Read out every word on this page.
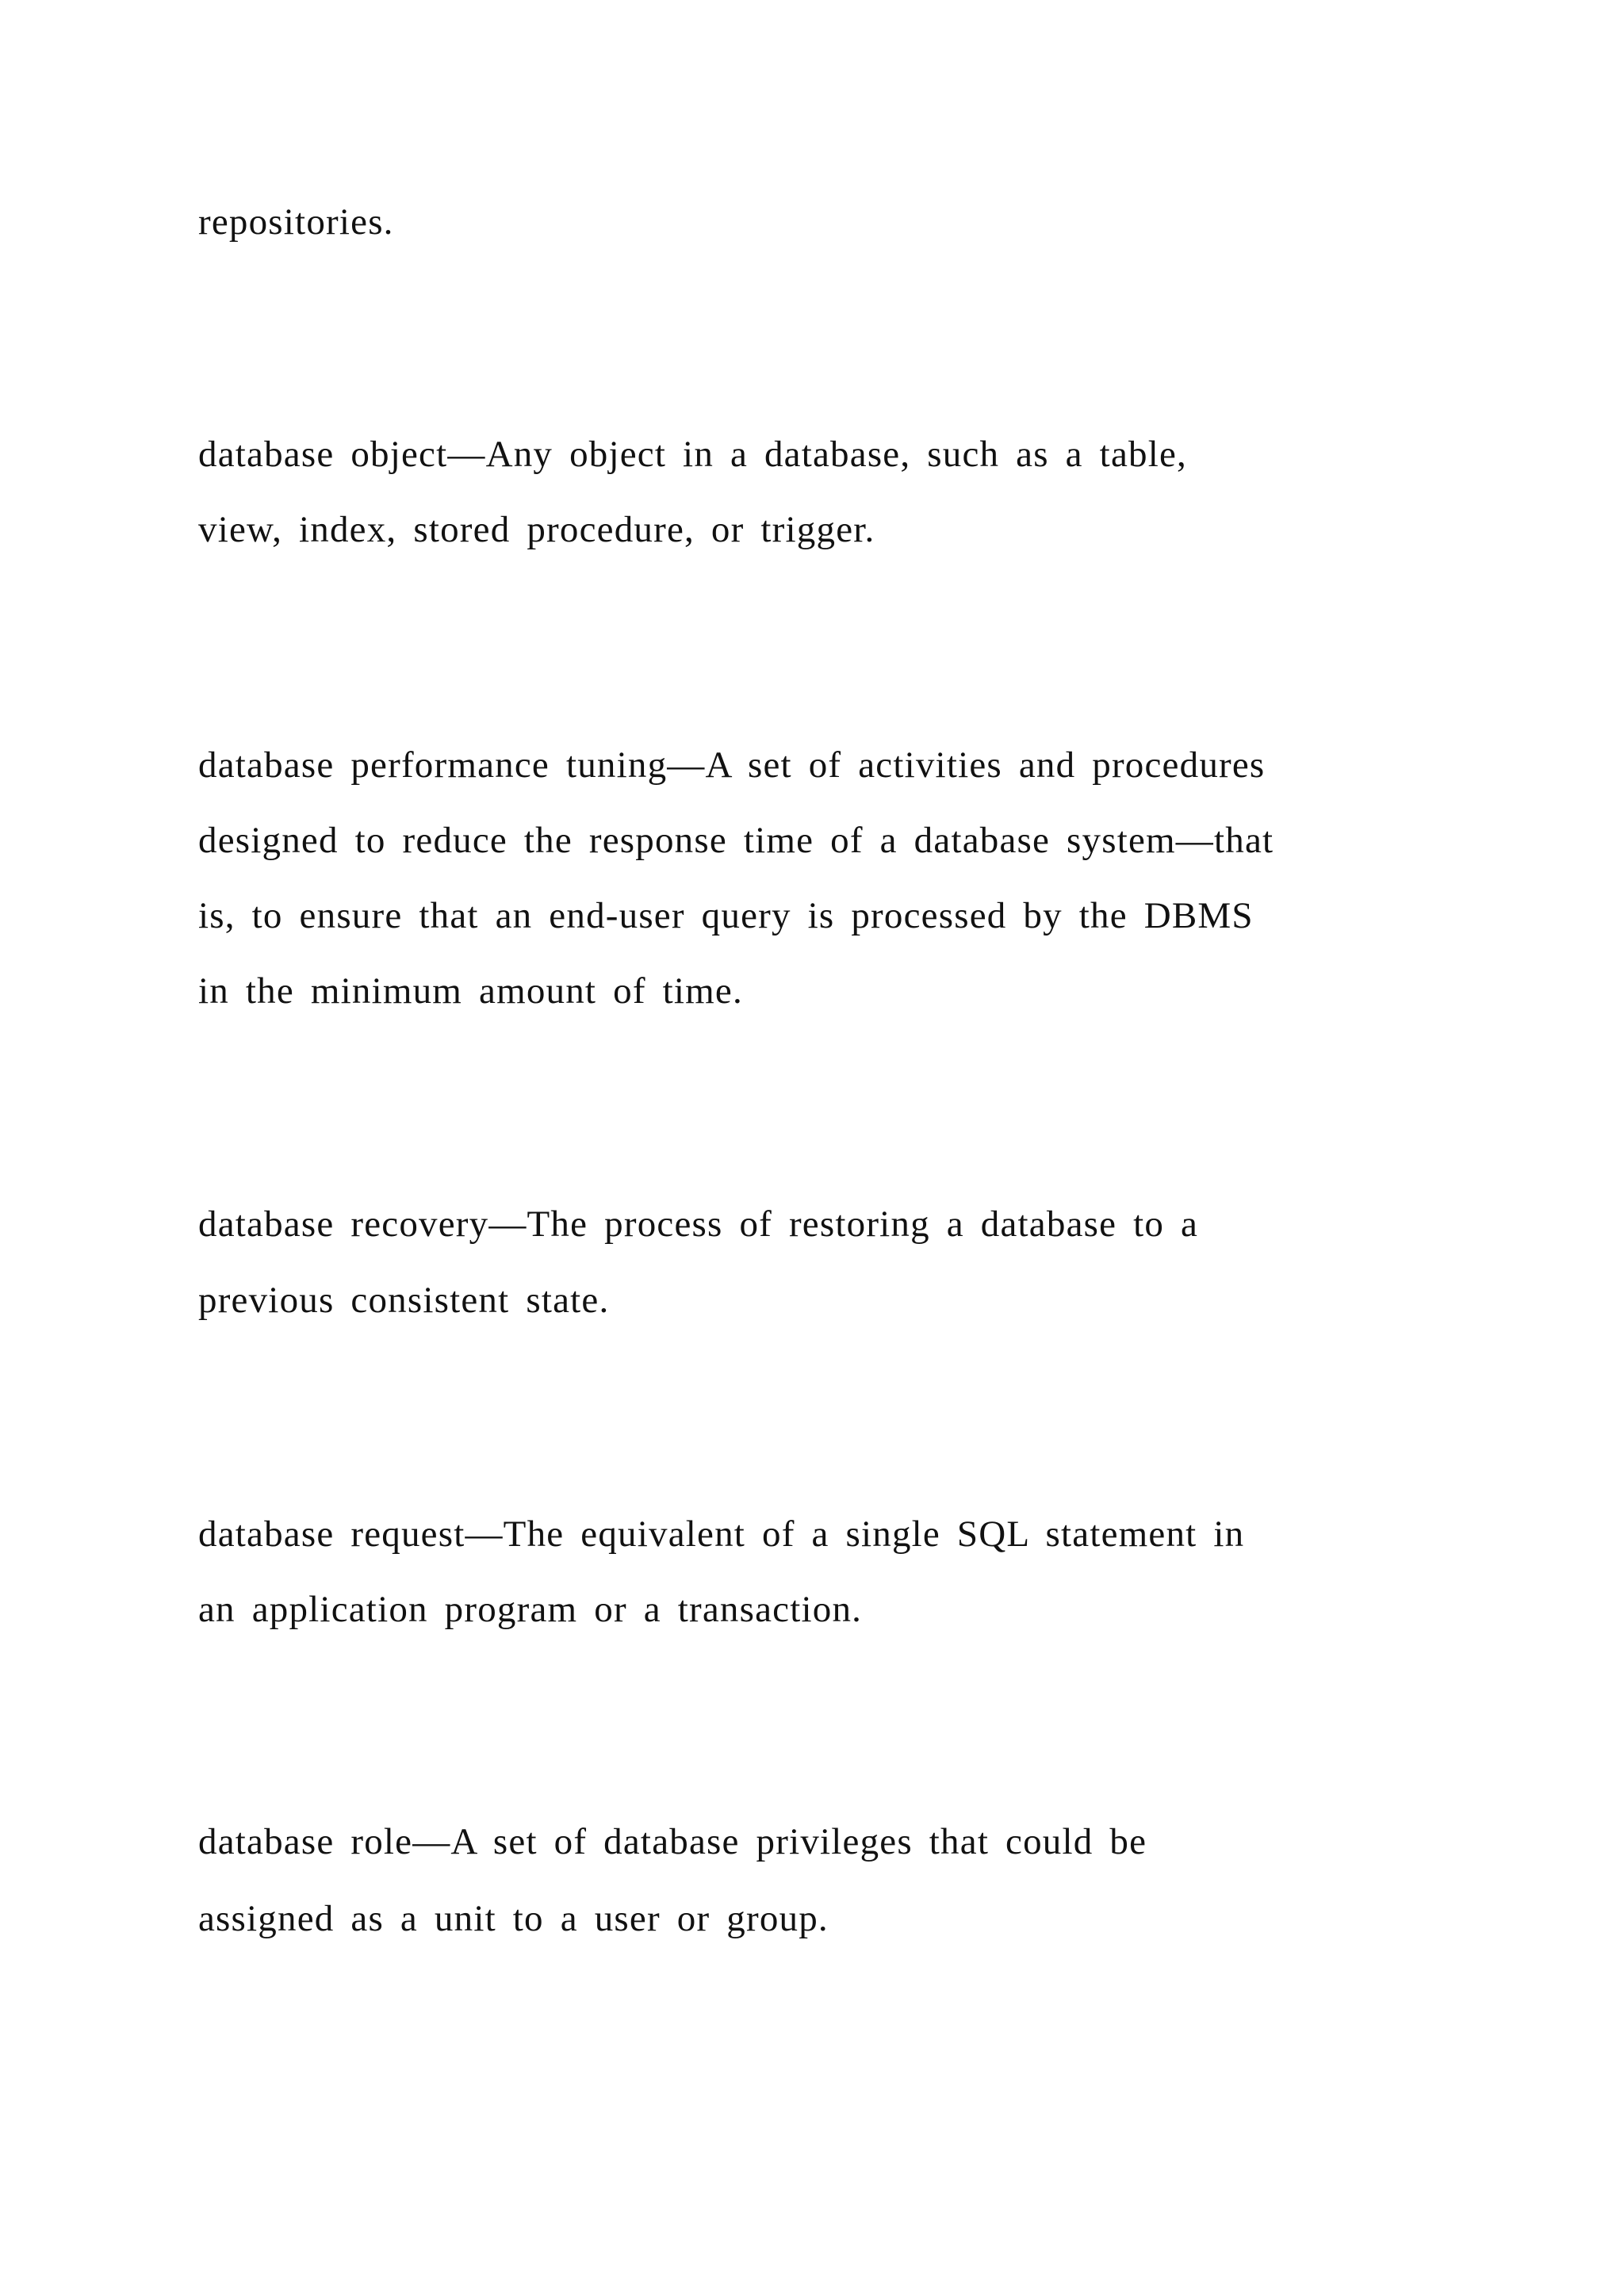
repositories.

database object—Any object in a database, such as a table,

view, index, stored procedure, or trigger.

database performance tuning—A set of activities and procedures

designed to reduce the response time of a database system—that

is, to ensure that an end-user query is processed by the DBMS

in the minimum amount of time.

database recovery—The process of restoring a database to a

previous consistent state.

database request—The equivalent of a single SQL statement in

an application program or a transaction.

database role—A set of database privileges that could be

assigned as a unit to a user or group.
